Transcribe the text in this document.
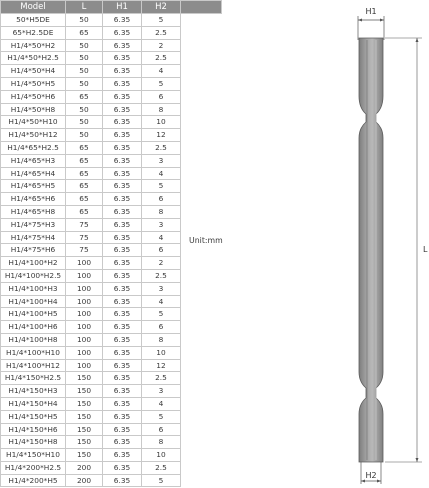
Model	L	H1	H2	
50*H5DE	50	6.35	5	
65*H2.5DE	65	6.35	2.5	
H1/4*50*H2	50	6.35	2	
H1/4*50*H2.5	50	6.35	2.5	
H1/4*50*H4	50	6.35	4	
H1/4*50*H5	50	6.35	5	
H1/4*50*H6	65	6.35	6	
H1/4*50*H8	50	6.35	8	
H1/4*50*H10	50	6.35	10	
H1/4*50*H12	50	6.35	12	
H1/4*65*H2.5	65	6.35	2.5	
H1/4*65*H3	65	6.35	3	
H1/4*65*H4	65	6.35	4	
H1/4*65*H5	65	6.35	5	
H1/4*65*H6	65	6.35	6	
H1/4*65*H8	65	6.35	8	
H1/4*75*H3	75	6.35	3	
H1/4*75*H4	75	6.35	4	
H1/4*75*H6	75	6.35	6	
H1/4*100*H2	100	6.35	2	
H1/4*100*H2.5	100	6.35	2.5	
H1/4*100*H3	100	6.35	3	
H1/4*100*H4	100	6.35	4	
H1/4*100*H5	100	6.35	5	
H1/4*100*H6	100	6.35	6	
H1/4*100*H8	100	6.35	8	
H1/4*100*H10	100	6.35	10	
H1/4*100*H12	100	6.35	12	
H1/4*150*H2.5	150	6.35	2.5	
H1/4*150*H3	150	6.35	3	
H1/4*150*H4	150	6.35	4	
H1/4*150*H5	150	6.35	5	
H1/4*150*H6	150	6.35	6	
H1/4*150*H8	150	6.35	8	
H1/4*150*H10	150	6.35	10	
H1/4*200*H2.5	200	6.35	2.5	
H1/4*200*H5	200	6.35	5	
Unit:mm
H1
L
H2
